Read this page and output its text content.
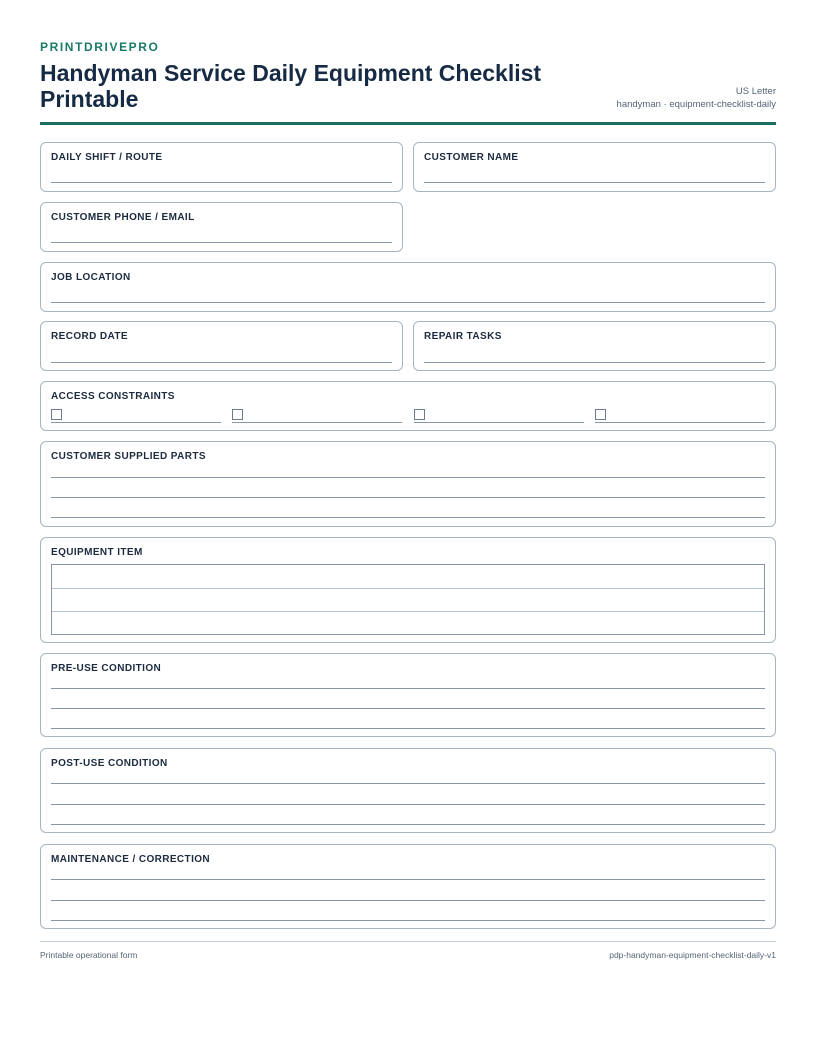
PRINTDRIVEPRO
Handyman Service Daily Equipment Checklist Printable	US Letter
handyman · equipment-checklist-daily
DAILY SHIFT / ROUTE	CUSTOMER NAME
CUSTOMER PHONE / EMAIL
JOB LOCATION
RECORD DATE	REPAIR TASKS
ACCESS CONSTRAINTS
CUSTOMER SUPPLIED PARTS
EQUIPMENT ITEM
PRE-USE CONDITION
POST-USE CONDITION
MAINTENANCE / CORRECTION
Printable operational form	pdp-handyman-equipment-checklist-daily-v1
